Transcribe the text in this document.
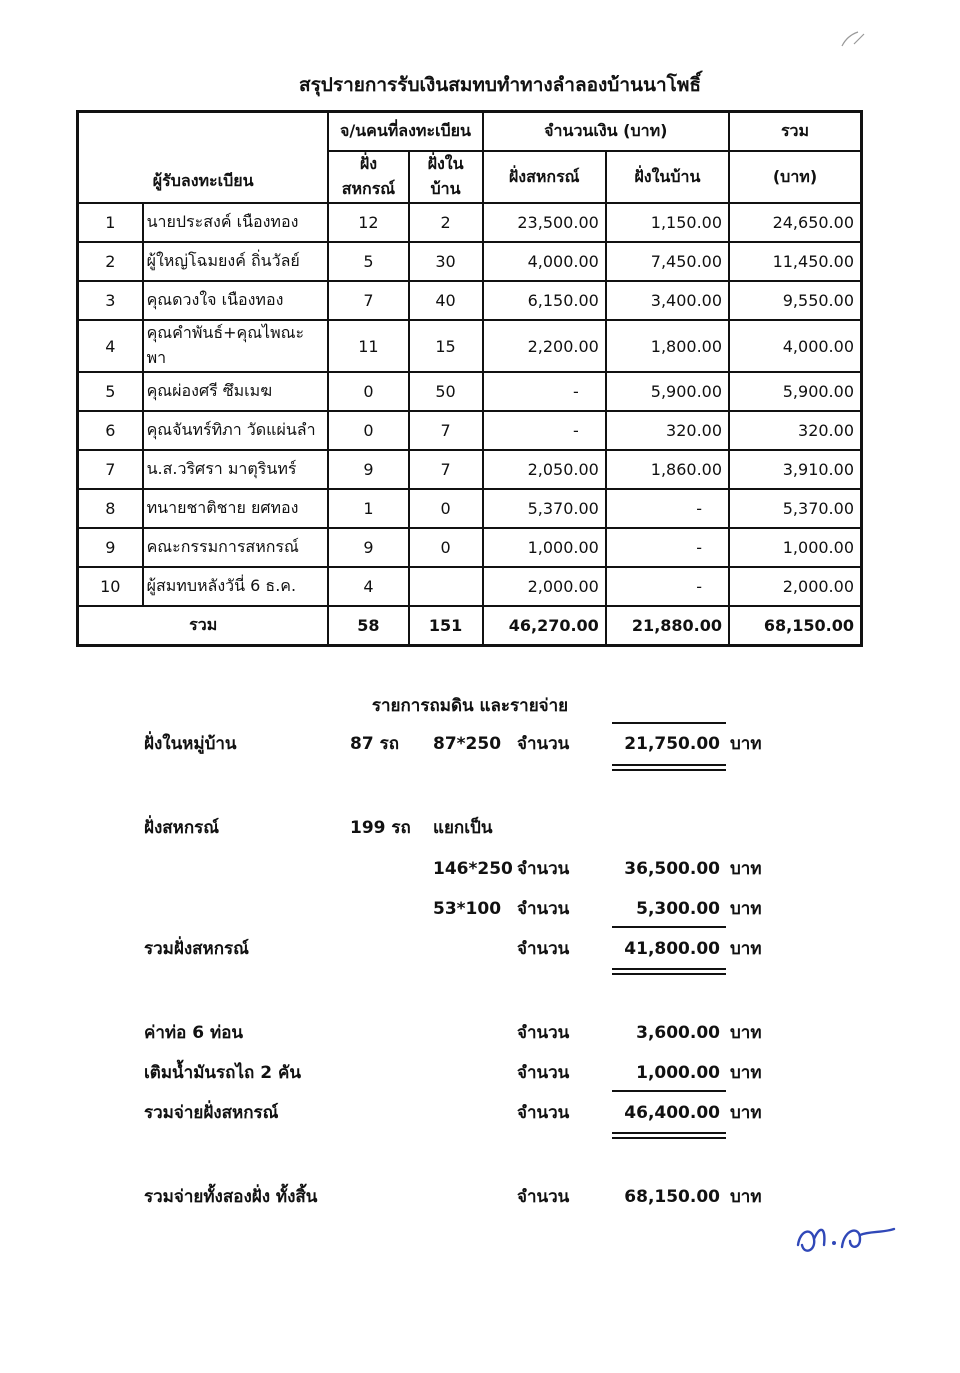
สรุปรายการรับเงินสมทบทำทางลำลองบ้านนาโพธิ์
ผู้รับลงทะเบียน		จ/นคนที่ลงทะเบียน		จำนวนเงิน (บาท)		รวม
		ฝั่งสหกรณ์	ฝั่งในบ้าน	ฝั่งสหกรณ์	ฝั่งในบ้าน	(บาท)
1	นายประสงค์ เนืองทอง	12	2	23,500.00	1,150.00	24,650.00
2	ผู้ใหญ่โฉมยงค์ ถิ่นวัลย์	5	30	4,000.00	7,450.00	11,450.00
3	คุณดวงใจ เนืองทอง	7	40	6,150.00	3,400.00	9,550.00
4	คุณคำพันธ์+คุณไพณะพา	11	15	2,200.00	1,800.00	4,000.00
5	คุณผ่องศรี ซึมเมฆ	0	50	-	5,900.00	5,900.00
6	คุณจันทร์ทิภา วัดแผ่นลำ	0	7	-	320.00	320.00
7	น.ส.วริศรา มาตุรินทร์	9	7	2,050.00	1,860.00	3,910.00
8	ทนายชาติชาย ยศทอง	1	0	5,370.00	-	5,370.00
9	คณะกรรมการสหกรณ์	9	0	1,000.00	-	1,000.00
10	ผู้สมทบหลังวันี่ 6 ธ.ค.	4		2,000.00	-	2,000.00
รวม		58	151	46,270.00	21,880.00	68,150.00
รายการถมดิน และรายจ่าย
ฝั่งในหมู่บ้าน	87 รถ 87*250 จำนวน	21,750.00 บาท
ฝั่งสหกรณ์	199 รถ แยกเป็น
146*250 จำนวน	36,500.00 บาท
53*100 จำนวน	5,300.00 บาท
รวมฝั่งสหกรณ์	จำนวน	41,800.00 บาท
ค่าท่อ 6 ท่อน	จำนวน	3,600.00 บาท
เติมน้ำมันรถไถ 2 คัน	จำนวน	1,000.00 บาท
รวมจ่ายฝั่งสหกรณ์	จำนวน	46,400.00 บาท
รวมจ่ายทั้งสองฝั่ง ทั้งสิ้น	จำนวน	68,150.00 บาท
